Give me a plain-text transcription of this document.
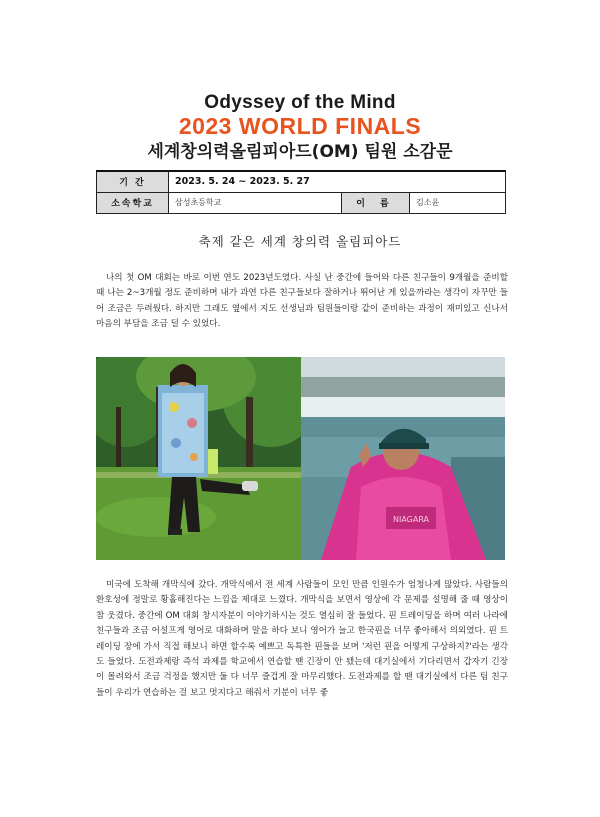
Odyssey of the Mind
2023 WORLD FINALS
세계창의력올림피아드(OM) 팀원 소감문
기 간	2023. 5. 24 ~ 2023. 5. 27		
소속학교	삼성초등학교	이 름	김소윤
축제 같은 세계 창의력 올림피아드

나의 첫 OM 대회는 바로 이번 연도 2023년도였다. 사실 난 중간에 들어와 다른 친구들이 9개월을 준비할 때 나는 2~3개월 정도 준비하며 내가 과연 다른 친구들보다 잘하거나 뛰어난 게 있을까라는 생각이 자꾸만 들어 조금은 두려웠다. 하지만 그래도 옆에서 지도 선생님과 팀원들이랑 같이 준비하는 과정이 재미있고 신나서 마음의 부담을 조금 덜 수 있었다.

NIAGARA

미국에 도착해 개막식에 갔다. 개막식에서 전 세계 사람들이 모인 만큼 인원수가 엄청나게 많았다. 사람들의 환호성에 정말로 황홀해진다는 느낌을 제대로 느꼈다. 개막식을 보면서 영상에 각 문제를 설명해 줄 때 영상이 참 웃겼다. 중간에 OM 대회 창시자분이 이야기하시는 것도 열심히 잘 들었다. 핀 트레이딩을 하며 여러 나라에 친구들과 조금 어설프게 영어로 대화하며 말을 하다 보니 영어가 늘고 한국핀을 너무 좋아해서 의외였다. 핀 트레이딩 장에 가서 직접 해보니 하면 할수록 예쁘고 독특한 핀들을 보며 '저런 핀을 어떻게 구상하지?'라는 생각도 들었다. 도전과제랑 즉석 과제를 학교에서 연습할 땐 긴장이 안 됐는데 대기실에서 기다리면서 갑자기 긴장이 몰려와서 조금 걱정을 했지만 둘 다 너무 즐겁게 잘 마무리했다. 도전과제를 할 땐 대기실에서 다른 팀 친구들이 우리가 연습하는 걸 보고 멋지다고 해줘서 기분이 너무 좋
